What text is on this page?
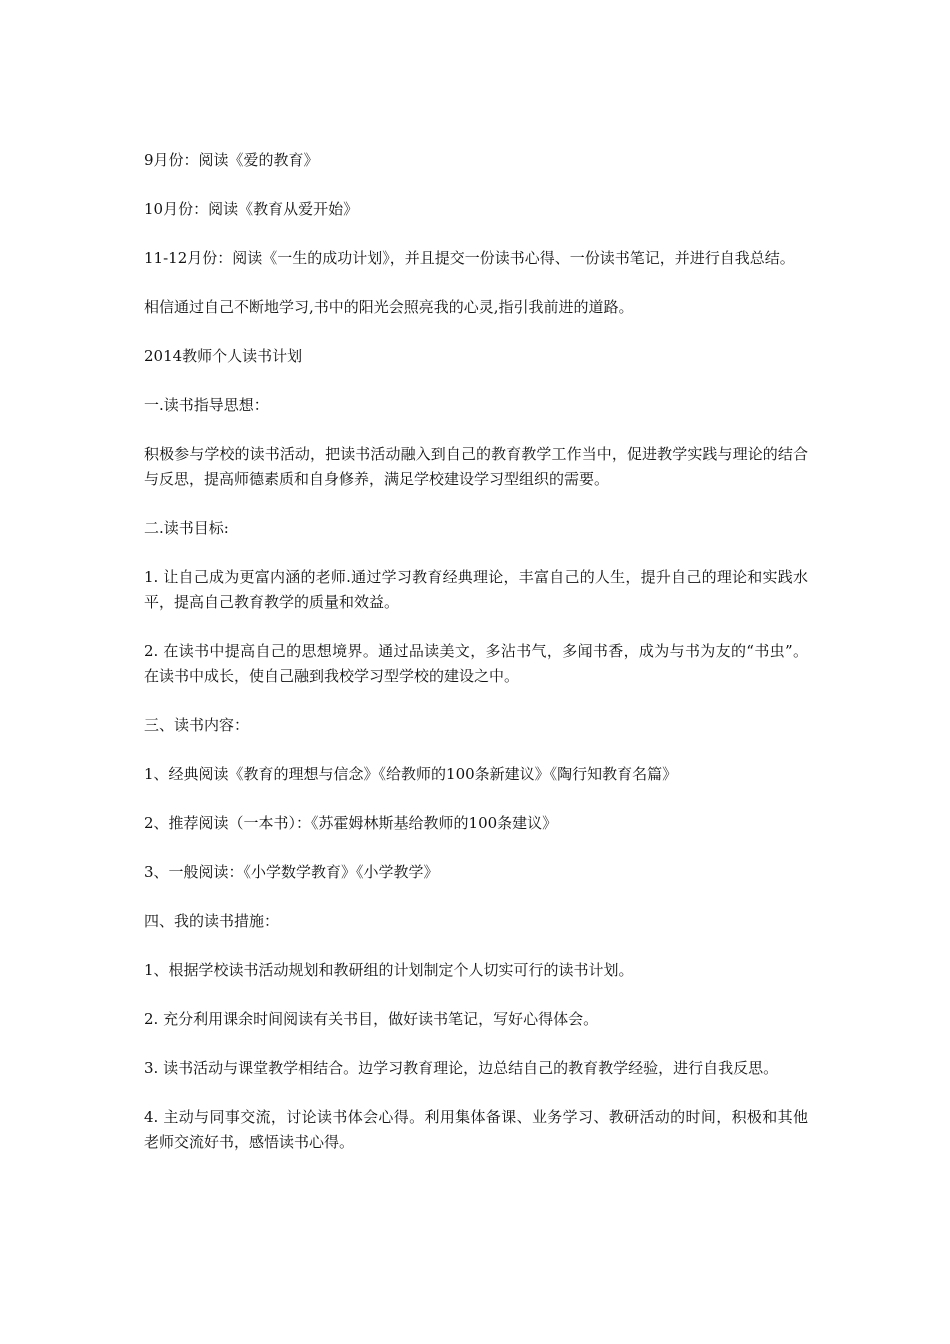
9月份：阅读《爱的教育》

10月份：阅读《教育从爱开始》

11-12月份：阅读《一生的成功计划》，并且提交一份读书心得、一份读书笔记，并进行自我总结。

相信通过自己不断地学习,书中的阳光会照亮我的心灵,指引我前进的道路。

2014教师个人读书计划

一.读书指导思想：

积极参与学校的读书活动，把读书活动融入到自己的教育教学工作当中，促进教学实践与理论的结合与反思，提高师德素质和自身修养，满足学校建设学习型组织的需要。

二.读书目标:

1. 让自己成为更富内涵的老师.通过学习教育经典理论，丰富自己的人生，提升自己的理论和实践水平，提高自己教育教学的质量和效益。

2. 在读书中提高自己的思想境界。通过品读美文，多沾书气，多闻书香，成为与书为友的“书虫”。在读书中成长，使自己融到我校学习型学校的建设之中。

三、读书内容：

1、经典阅读《教育的理想与信念》《给教师的100条新建议》《陶行知教育名篇》

2、推荐阅读（一本书）：《苏霍姆林斯基给教师的100条建议》

3、一般阅读：《小学数学教育》《小学教学》

四、我的读书措施：

1、根据学校读书活动规划和教研组的计划制定个人切实可行的读书计划。

2. 充分利用课余时间阅读有关书目，做好读书笔记，写好心得体会。

3. 读书活动与课堂教学相结合。边学习教育理论，边总结自己的教育教学经验，进行自我反思。

4. 主动与同事交流，讨论读书体会心得。利用集体备课、业务学习、教研活动的时间，积极和其他老师交流好书，感悟读书心得。
